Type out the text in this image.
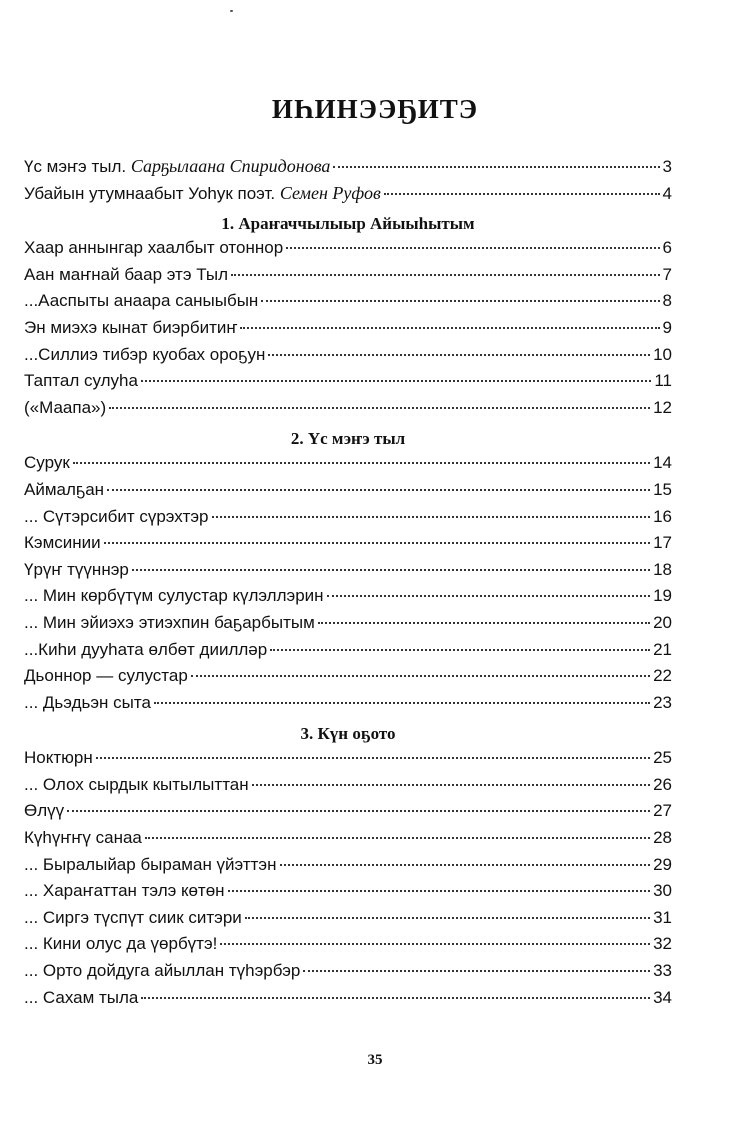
ИҺИНЭЭҔИТЭ
Үс мэҥэ тыл. Сарҕылаана Спиридонова	3
Убайын утумнаабыт Уоһук поэт. Семен Руфов	4
1. Араҥаччылыыр Айыыһытым
Хаар аннынгар хаалбыт отоннор	6
Аан маҥнай баар этэ Тыл	7
...Ааспыты анаара саныыбын	8
Эн миэхэ кынат биэрбитиҥ	9
...Силлиэ тибэр куобах ороҕун	10
Таптал сулуһа	11
(«Маапа»)	12
2. Үс мэҥэ тыл
Сурук	14
Аймалҕан	15
... Сүтэрсибит сүрэхтэр	16
Кэмсинии	17
Үрүҥ түүннэр	18
... Мин көрбүтүм сулустар күлэллэрин	19
... Мин эйиэхэ этиэхпин баҕарбытым	20
...Киһи дууһата өлбөт диилләр	21
Дьоннор — сулустар	22
... Дьэдьэн сыта	23
3. Күн оҕото
Ноктюрн	25
... Олох сырдык кытылыттан	26
Өлүү	27
Күһүҥҥү санаа	28
... Быралыйар быраман үйэттэн	29
... Хараҥаттан тэлэ көтөн	30
... Сиргэ түспүт сиик ситэри	31
... Кини олус да үөрбүтэ!	32
... Орто дойдуга айыллан түһэрбэр	33
... Сахам тыла	34
35
